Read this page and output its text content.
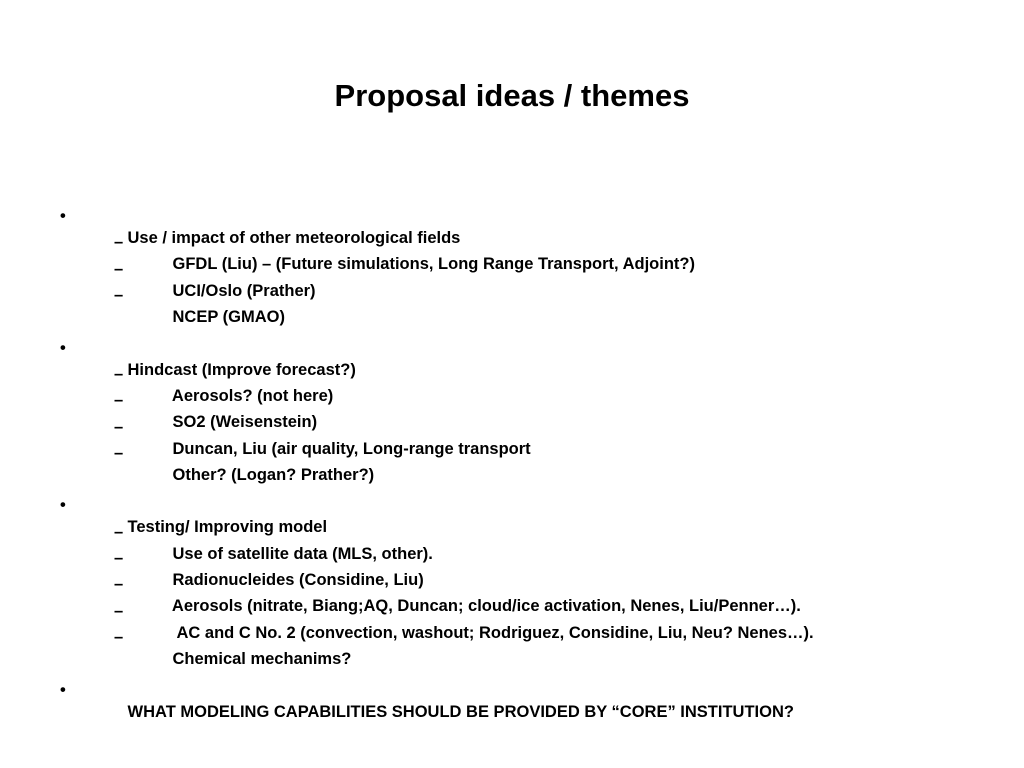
Proposal ideas / themes

•

Use / impact of other meteorological fields

–

GFDL (Liu) – (Future simulations, Long Range Transport, Adjoint?)

–

UCI/Oslo (Prather)

–

NCEP (GMAO)

•

Hindcast (Improve forecast?)

–

Aerosols? (not here)

–

SO2 (Weisenstein)

–

Duncan, Liu (air quality, Long-range transport

–

Other? (Logan? Prather?)

•

Testing/ Improving model

–

Use of satellite data (MLS, other).

–

Radionucleides (Considine, Liu)

–

Aerosols (nitrate, Biang;AQ, Duncan; cloud/ice activation, Nenes, Liu/Penner…).

–

AC and C No. 2 (convection, washout; Rodriguez, Considine, Liu, Neu? Nenes…).

–

Chemical mechanims?

•

WHAT MODELING CAPABILITIES SHOULD BE PROVIDED BY “CORE” INSTITUTION?
